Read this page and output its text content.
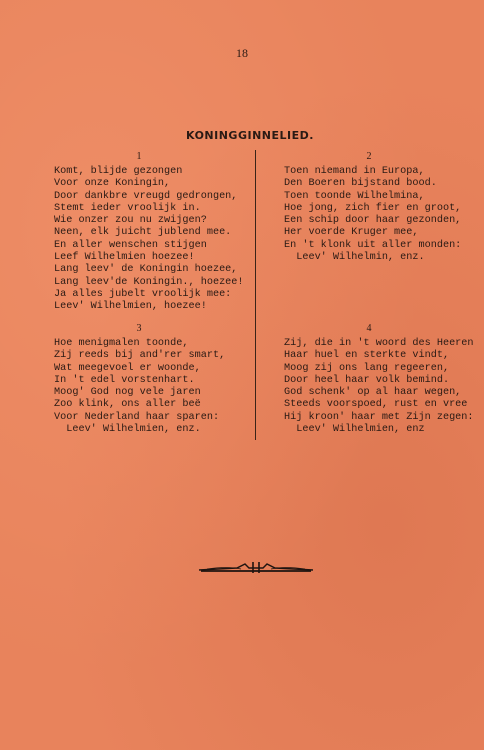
18
KONINGGINNELIED.
1
Komt, blijde gezongen
Voor onze Koningin,
Door dankbre vreugd gedrongen,
Stemt ieder vroolijk in.
Wie onzer zou nu zwijgen?
Neen, elk juicht jublend mee.
En aller wenschen stijgen
Leef Wilhelmien hoezee!
Lang leev' de Koningin hoezee,
Lang leev'de Koningin., hoezee!
Ja alles jubelt vroolijk mee:
Leev' Wilhelmien, hoezee!
2
Toen niemand in Europa,
Den Boeren bijstand bood.
Toen toonde Wilhelmina,
Hoe jong, zich fier en groot,
Een schip door haar gezonden,
Her voerde Kruger mee,
En 't klonk uit aller monden:
Leev' Wilhelmin, enz.
3
Hoe menigmalen toonde,
Zij reeds bij and'rer smart,
Wat meegevoel er woonde,
In 't edel vorstenhart.
Moog' God nog vele jaren
Zoo klink, ons aller beë
Voor Nederland haar sparen:
Leev' Wilhelmien, enz.
4
Zij, die in 't woord des Heeren
Haar huel en sterkte vindt,
Moog zij ons lang regeeren,
Door heel haar volk bemind.
God schenk' op al haar wegen,
Steeds voorspoed, rust en vree
Hij kroon' haar met Zijn zegen:
Leev' Wilhelmien, enz
